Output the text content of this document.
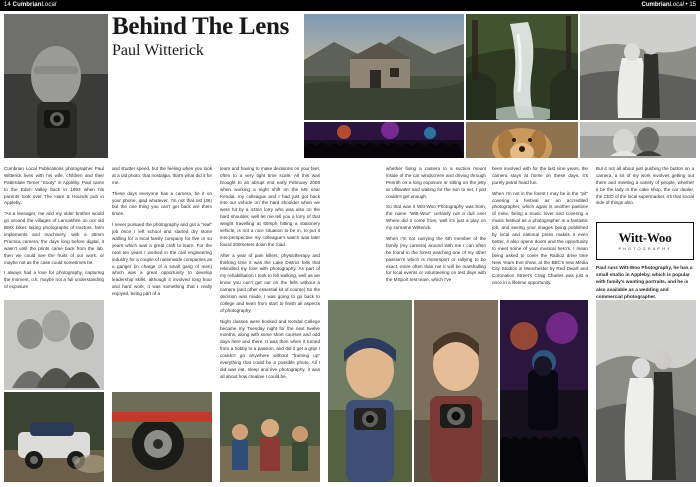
14 CumbrianLocal	CumbrianLocal • 15
Behind The Lens
Paul Witterick

Cumbrian Local Publications photographer Paul Witterick lives with his wife, children and their Patterdale Terrier "Sooty" in Appleby. Paul came to the Eden Valley back in 1993 when his parents took over The Hare & Hounds pub in Appleby.

"As a teenager, me and my older brother would go around the villages of Lancashire on our old BMX bikes taking photographs of tractors, farm implements and machinery, with a 35mm Practica camera, the days long before digital, it wasn't until the prints came back from the lab, then we could see the fruits of our work, or maybe not as the case could sometimes be.

I always had a love for photography, capturing the moment, o.k. maybe not a full understanding of exposure

and shutter speed, but the feeling when you look at a old photo, that nostalgia, that's what did it for me.

These days everyone has a camera, be it on your phone, ipad whatever, I'm not that old (36) but the one thing you can't get back are them times.

I never pursued the photography and got a "real" job once I left school and started dry stone walling for a local family company for five or so years which was a great craft to learn. For the next ten years I worked in the civil engineering industry for a couple of nationwide companies as a ganger (in charge of a small gang of men) which was a great opportunity to develop leadership skills, although it involved long hour and hard work, it was something that I really enjoyed, being part of a

team and having to make decisions on your feet, often to a very tight time scale. All this was brought to an abrupt end early February 2008 when working a night shift on the M6 near Kendal, my colleague and I had just got back into our vehicle on the hard shoulder when we were hit by a 44ton lorry who was also on the hard shoulder, well let me tell you a lorry of that weight travelling at 60mph hitting a stationery vehicle, is not a nice situation to be in, to put it into perspective my colleague's watch was later found 200meters down the road.

After a year of pain killers, physiotherapy and thinking time it was the Lake District fells that rekindled my love with photography. As part of my rehabilitation I took to fell walking, well as we know you can't get out on the fells without a camera (and other essential kit of course) So the decision was made, I was going to go back to college and learn from start to finish all aspects of photography.

Night classes were booked and Kendal College became my Tuesday night for the next twelve months, along with some short courses and odd days here and there. It was then when it turned from a hobby to a passion, and did it get a grip! I couldn't go anywhere without "framing up" everything that could be a possible photo. All I did was eat, sleep and live photography, it was all about how creative I could be,

whether fixing a camera to a suction mount inside of the car windscreen and driving through Penrith on a long exposure or sitting on the jetty at Ullswater and waiting for the sun to set, I just couldn't get enough.

So that was it Witt-Woo Photography was born, the name "Witt-Woo" certainly not a dull one! Where did it come from, well it's just a play on my surname Witterick.

When I'm not carrying the 6th member of the family (my camera) around with me I can often be found in the forest watching one of my other passion's which is motorsport or rallying to be exact, more often than not it will be marshalling for local events or volunteering on test days with the MSport test team, which I've

been involved with for the last nine years, the camera stays at home on these days, it's purely petrol head fun.

When I'm not in the forest I may be in the "pit" covering a festival as an accredited photographer, which again is another pastime of mine, being a music lover and covering a music festival as a photographer is a fantastic job, and seeing your images being published by local and national press makes it even better, it also opens doors and the opportunity to meet some of your musical hero's. I mean being asked to cover the Radio2 drive time New Years Eve show, at the BBC's new Media City Studios in Manchester by Red Dwarf and Coronation Street's Craig Charles was just a once in a lifetime opportunity.

But it not all about just pushing the button on a camera, a lot of my work involves getting out there and meeting a variety of people, whether it be the lady in the cake shop, the car dealer, the CEO of the local supermarket, it's that social side of things also.

Witt-Woo
PHOTOGRAPHY
Paul runs Witt-Woo Photography, he has a small studio in Appleby, which is popular with family's wanting portraits, and he is also available as a wedding and commercial photographer.
